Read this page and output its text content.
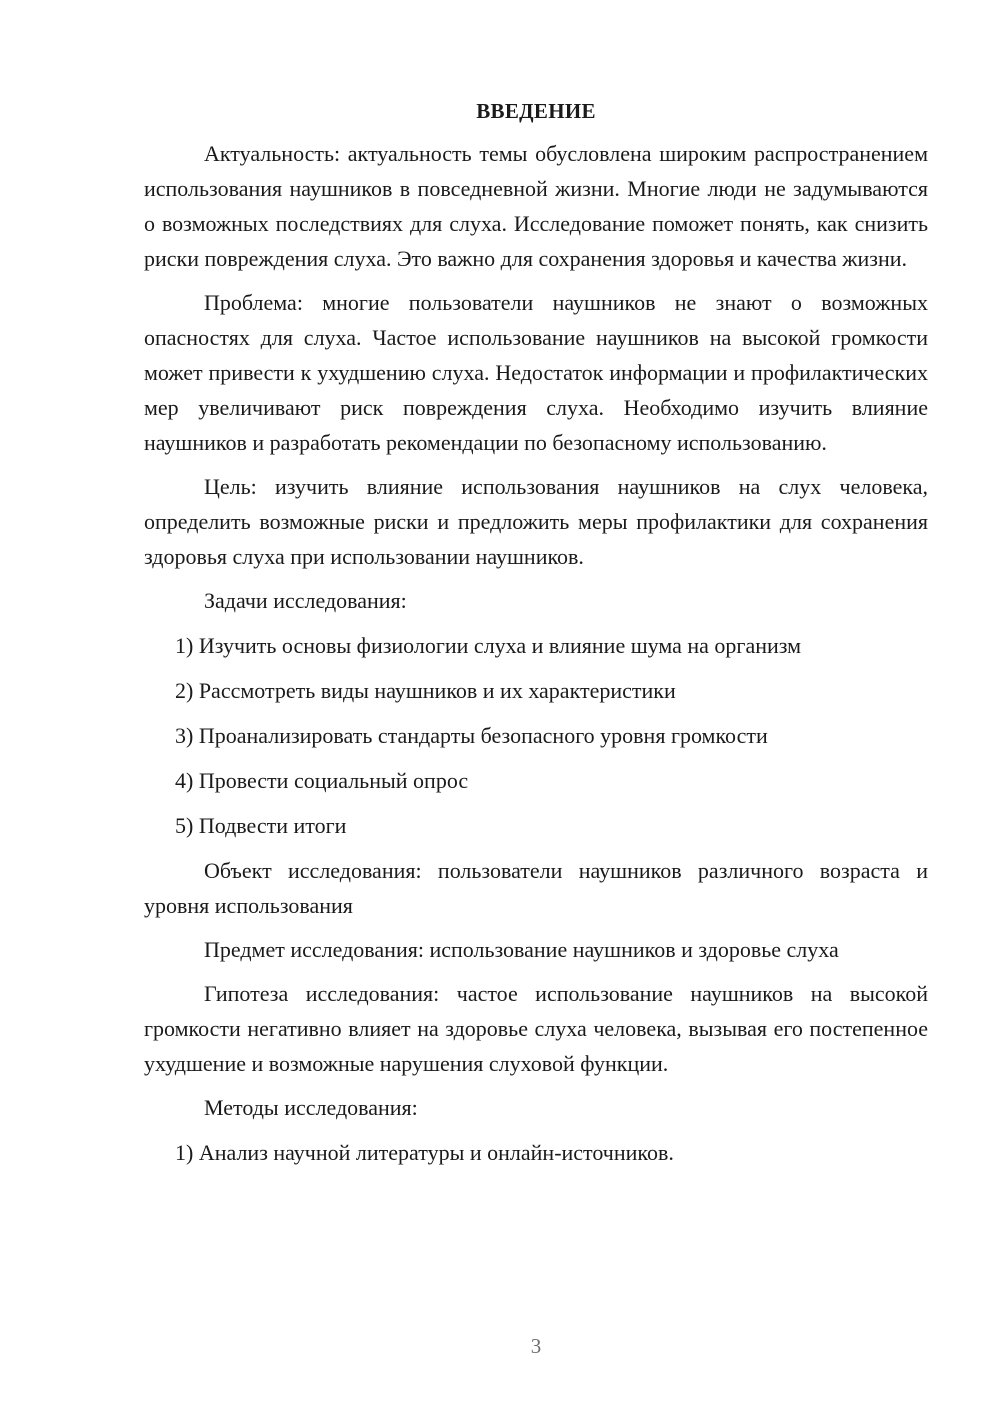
ВВЕДЕНИЕ

Актуальность: актуальность темы обусловлена широким распространением использования наушников в повседневной жизни. Многие люди не задумываются о возможных последствиях для слуха. Исследование поможет понять, как снизить риски повреждения слуха. Это важно для сохранения здоровья и качества жизни.

Проблема: многие пользователи наушников не знают о возможных опасностях для слуха. Частое использование наушников на высокой громкости может привести к ухудшению слуха. Недостаток информации и профилактических мер увеличивают риск повреждения слуха. Необходимо изучить влияние наушников и разработать рекомендации по безопасному использованию.

Цель: изучить влияние использования наушников на слух человека, определить возможные риски и предложить меры профилактики для сохранения здоровья слуха при использовании наушников.

Задачи исследования:

1) Изучить основы физиологии слуха и влияние шума на организм

2) Рассмотреть виды наушников и их характеристики

3) Проанализировать стандарты безопасного уровня громкости

4) Провести социальный опрос

5) Подвести итоги

Объект исследования: пользователи наушников различного возраста и уровня использования

Предмет исследования: использование наушников и здоровье слуха

Гипотеза исследования: частое использование наушников на высокой громкости негативно влияет на здоровье слуха человека, вызывая его постепенное ухудшение и возможные нарушения слуховой функции.

Методы исследования:

1) Анализ научной литературы и онлайн-источников.

3
